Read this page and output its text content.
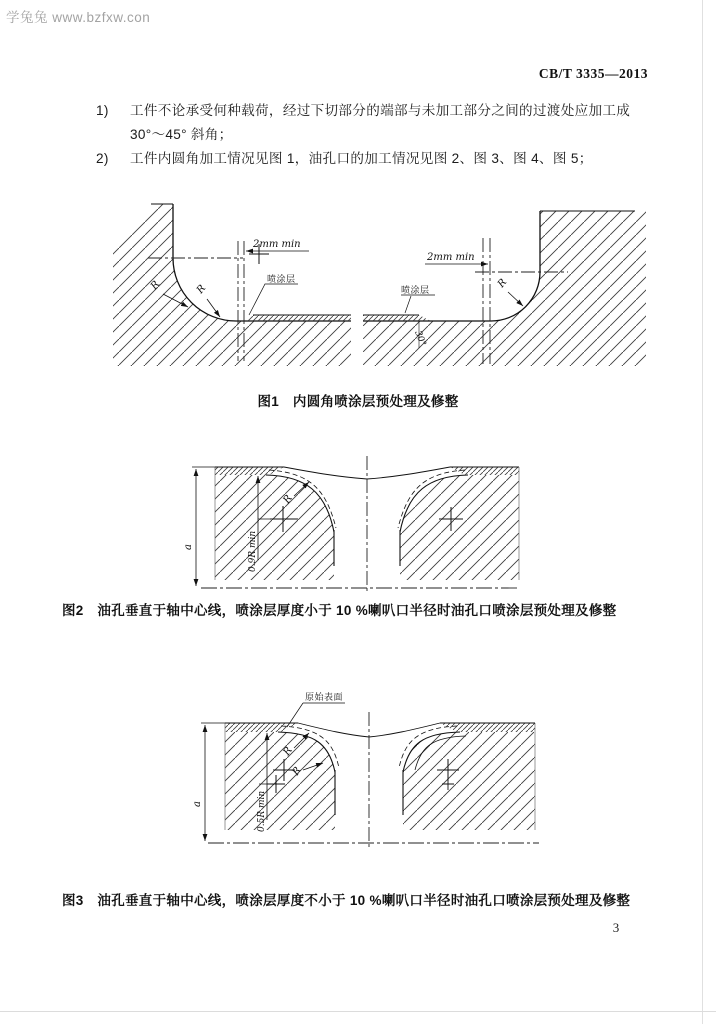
学兔兔 www.bzfxw.con
CB/T 3335—2013
1)	工件不论承受何种载荷，经过下切部分的端部与未加工部分之间的过渡处应加工成
30°～45° 斜角；
2)	工件内圆角加工情况见图 1，油孔口的加工情况见图 2、图 3、图 4、图 5；
2mm min
R	R
喷涂层
2mm min
R
喷涂层
30°
图1　内圆角喷涂层预处理及修整
0.9R min
R
a
图2　油孔垂直于轴中心线，喷涂层厚度小于 10 %喇叭口半径时油孔口喷涂层预处理及修整
原始表面
0.5R min
R
R
a
图3　油孔垂直于轴中心线，喷涂层厚度不小于 10 %喇叭口半径时油孔口喷涂层预处理及修整
3
